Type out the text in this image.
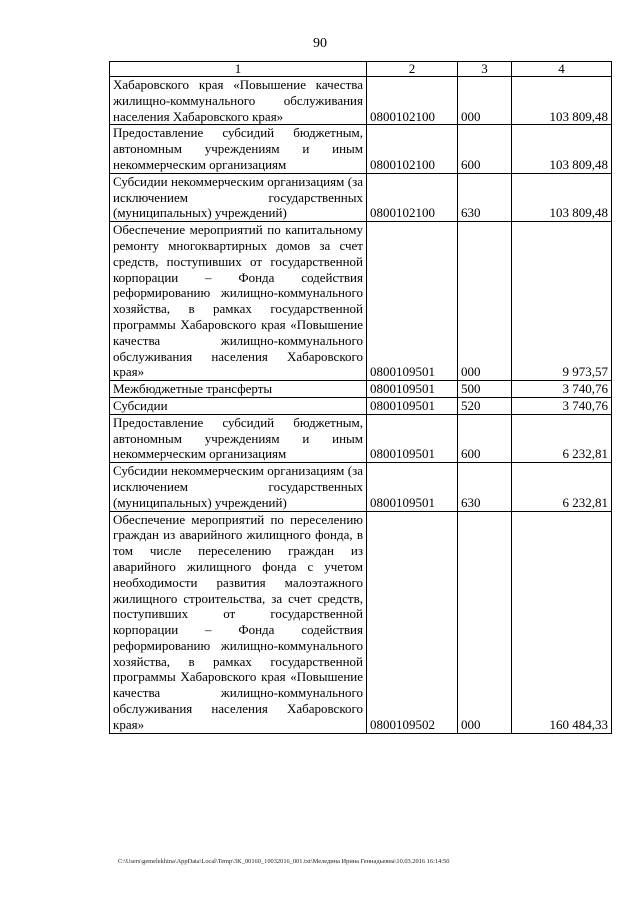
90
1	2	3	4
Хабаровского края «Повышение качества жилищно-коммунального обслуживания населения Хабаровского края»	0800102100	000	103 809,48
Предоставление субсидий бюджетным, автономным учреждениям и иным некоммерческим организациям	0800102100	600	103 809,48
Субсидии некоммерческим организациям (за исключением государственных (муниципальных) учреждений)	0800102100	630	103 809,48
Обеспечение мероприятий по капитальному ремонту многоквартирных домов за счет средств, поступивших от государственной корпорации – Фонда содействия реформированию жилищно-коммунального хозяйства, в рамках государственной программы Хабаровского края «Повышение качества жилищно-коммунального обслуживания населения Хабаровского края»	0800109501	000	9 973,57
Межбюджетные трансферты	0800109501	500	3 740,76
Субсидии	0800109501	520	3 740,76
Предоставление субсидий бюджетным, автономным учреждениям и иным некоммерческим организациям	0800109501	600	6 232,81
Субсидии некоммерческим организациям (за исключением государственных (муниципальных) учреждений)	0800109501	630	6 232,81
Обеспечение мероприятий по переселению граждан из аварийного жилищного фонда, в том числе переселению граждан из аварийного жилищного фонда с учетом необходимости развития малоэтажного жилищного строительства, за счет средств, поступивших от государственной корпорации – Фонда содействия реформированию жилищно-коммунального хозяйства, в рамках государственной программы Хабаровского края «Повышение качества жилищно-коммунального обслуживания населения Хабаровского края»	0800109502	000	160 484,33
C:\Users\gemelekhina\AppData\Local\Temp\3K_00160_10032016_001.txt\Меледина Ирина Геннадьевна\10.03.2016 16:14:50
